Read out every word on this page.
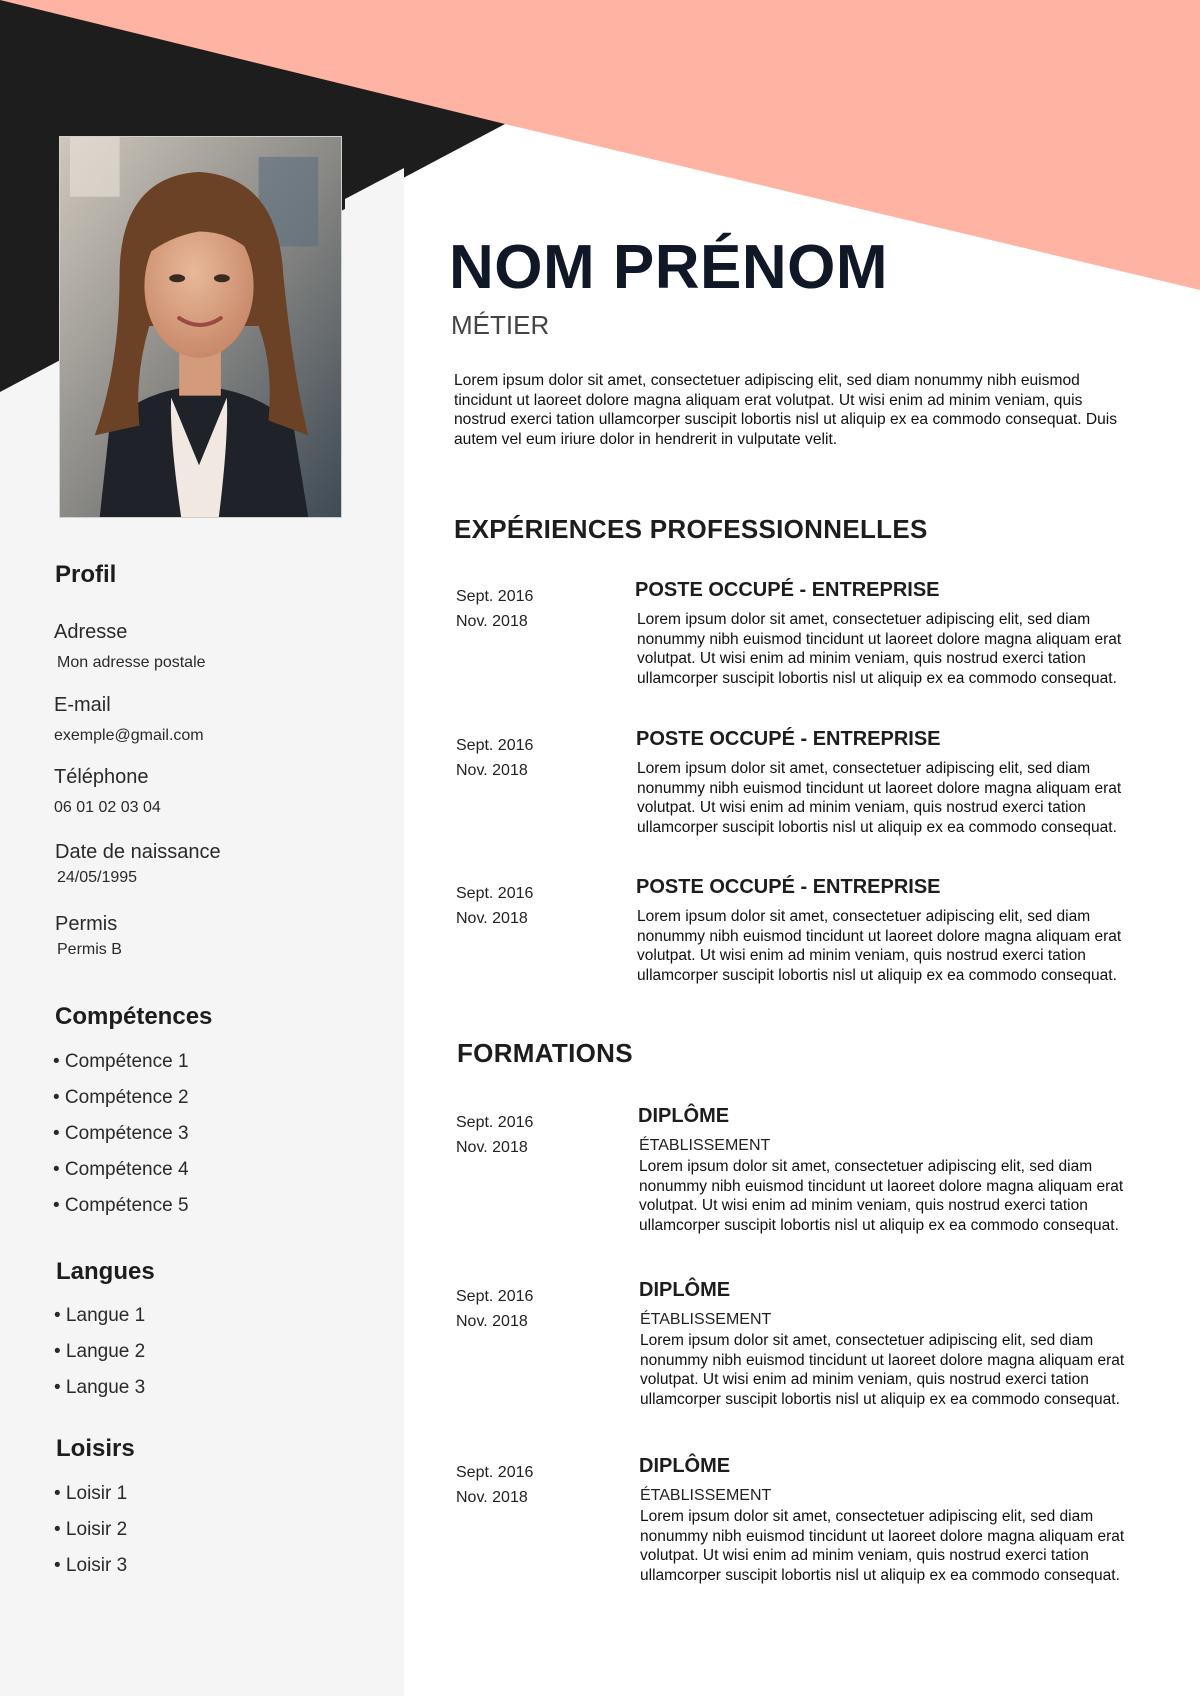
Profil
Adresse
Mon adresse postale
E-mail
exemple@gmail.com
Téléphone
06 01 02 03 04
Date de naissance
24/05/1995
Permis
Permis B
Compétences
• Compétence 1
• Compétence 2
• Compétence 3
• Compétence 4
• Compétence 5
Langues
• Langue 1
• Langue 2
• Langue 3
Loisirs
• Loisir 1
• Loisir 2
• Loisir 3
NOM PRÉNOM
MÉTIER
Lorem ipsum dolor sit amet, consectetuer adipiscing elit, sed diam nonummy nibh euismod tincidunt ut laoreet dolore magna aliquam erat volutpat. Ut wisi enim ad minim veniam, quis nostrud exerci tation ullamcorper suscipit lobortis nisl ut aliquip ex ea commodo consequat. Duis autem vel eum iriure dolor in hendrerit in vulputate velit.
EXPÉRIENCES PROFESSIONNELLES
Sept. 2016
Nov. 2018
POSTE OCCUPÉ - ENTREPRISE
Lorem ipsum dolor sit amet, consectetuer adipiscing elit, sed diam nonummy nibh euismod tincidunt ut laoreet dolore magna aliquam erat volutpat. Ut wisi enim ad minim veniam, quis nostrud exerci tation ullamcorper suscipit lobortis nisl ut aliquip ex ea commodo consequat.
Sept. 2016
Nov. 2018
POSTE OCCUPÉ - ENTREPRISE
Lorem ipsum dolor sit amet, consectetuer adipiscing elit, sed diam nonummy nibh euismod tincidunt ut laoreet dolore magna aliquam erat volutpat. Ut wisi enim ad minim veniam, quis nostrud exerci tation ullamcorper suscipit lobortis nisl ut aliquip ex ea commodo consequat.
Sept. 2016
Nov. 2018
POSTE OCCUPÉ - ENTREPRISE
Lorem ipsum dolor sit amet, consectetuer adipiscing elit, sed diam nonummy nibh euismod tincidunt ut laoreet dolore magna aliquam erat volutpat. Ut wisi enim ad minim veniam, quis nostrud exerci tation ullamcorper suscipit lobortis nisl ut aliquip ex ea commodo consequat.
FORMATIONS
Sept. 2016
Nov. 2018
DIPLÔME
ÉTABLISSEMENT
Lorem ipsum dolor sit amet, consectetuer adipiscing elit, sed diam nonummy nibh euismod tincidunt ut laoreet dolore magna aliquam erat volutpat. Ut wisi enim ad minim veniam, quis nostrud exerci tation ullamcorper suscipit lobortis nisl ut aliquip ex ea commodo consequat.
Sept. 2016
Nov. 2018
DIPLÔME
ÉTABLISSEMENT
Lorem ipsum dolor sit amet, consectetuer adipiscing elit, sed diam nonummy nibh euismod tincidunt ut laoreet dolore magna aliquam erat volutpat. Ut wisi enim ad minim veniam, quis nostrud exerci tation ullamcorper suscipit lobortis nisl ut aliquip ex ea commodo consequat.
Sept. 2016
Nov. 2018
DIPLÔME
ÉTABLISSEMENT
Lorem ipsum dolor sit amet, consectetuer adipiscing elit, sed diam nonummy nibh euismod tincidunt ut laoreet dolore magna aliquam erat volutpat. Ut wisi enim ad minim veniam, quis nostrud exerci tation ullamcorper suscipit lobortis nisl ut aliquip ex ea commodo consequat.
